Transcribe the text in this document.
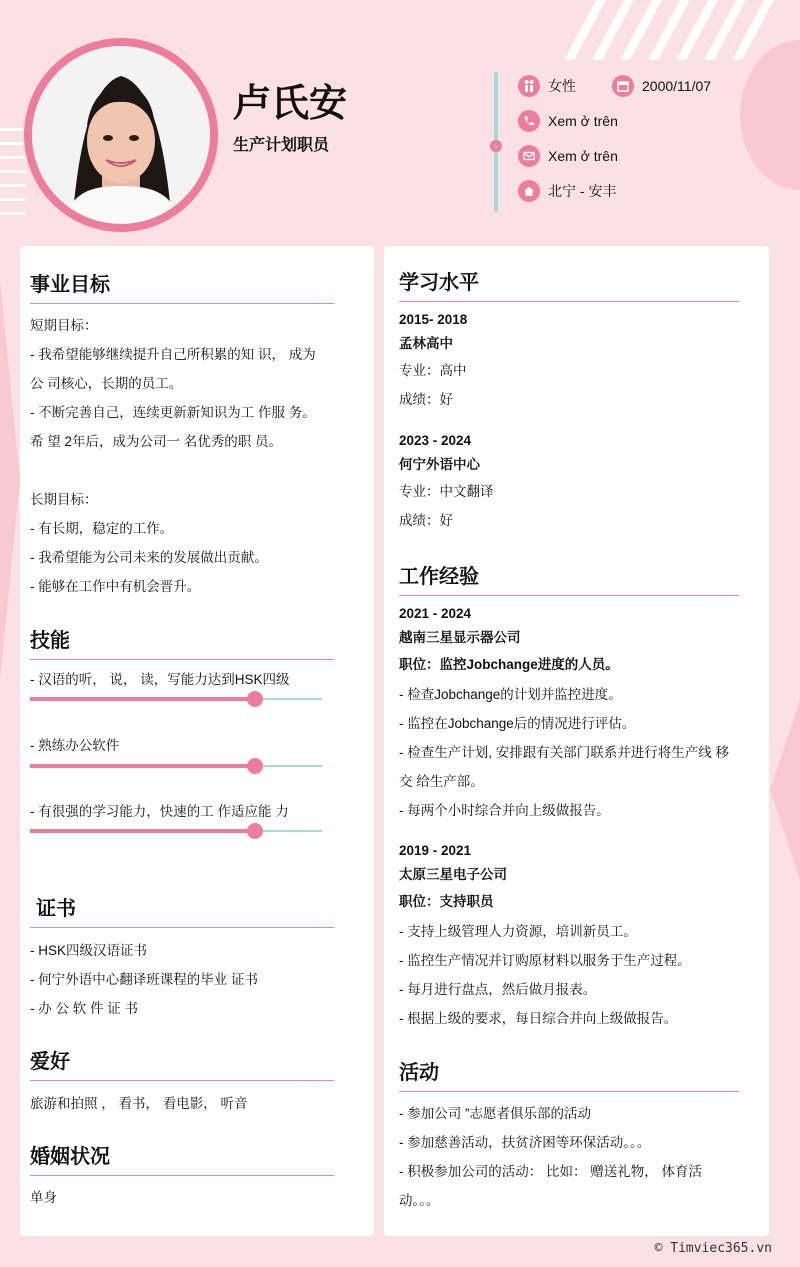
卢氏安
生产计划职员	›
女性	2000/11/07
Xem ở trên
Xem ở trên
北宁 - 安丰
事业目标
短期目标：
- 我希望能够继续提升自己所积累的知 识， 成为
公 司核心，长期的员工。
- 不断完善自己，连续更新新知识为工 作服 务。
希 望 2年后，成为公司一 名优秀的职 员。
长期目标：
- 有长期，稳定的工作。
- 我希望能为公司未来的发展做出贡献。
- 能够在工作中有机会晋升。
技能
- 汉语的听， 说， 读，写能力达到HSK四级
- 熟练办公软件
- 有很强的学习能力，快速的工 作适应能 力
证书
- HSK四级汉语证书
- 何宁外语中心翻译班课程的毕业 证书
- 办 公 软 件 证 书
爱好
旅游和拍照 ， 看书， 看电影， 听音
婚姻状况
单身
学习水平
2015- 2018
孟林高中
专业：高中
成绩：好
2023 - 2024
何宁外语中心
专业：中文翻译
成绩：好
工作经验
2021 - 2024
越南三星显示器公司
职位：监控Jobchange进度的人员。
- 检查Jobchange的计划并监控进度。
- 监控在Jobchange后的情况进行评估。
- 检查生产计划, 安排跟有关部门联系并进行将生产线 移
交 给生产部。
- 每两个小时综合并向上级做报告。
2019 - 2021
太原三星电子公司
职位：支持职员
- 支持上级管理人力资源，培训新员工。
- 监控生产情况并订购原材料以服务于生产过程。
- 每月进行盘点，然后做月报表。
- 根据上级的要求，每日综合并向上级做报告。
活动
- 参加公司 ”志愿者俱乐部的活动
- 参加慈善活动，扶贫济困等环保活动。。。
- 积极参加公司的活动： 比如： 赠送礼物， 体育活
动。。。
© Timviec365.vn
